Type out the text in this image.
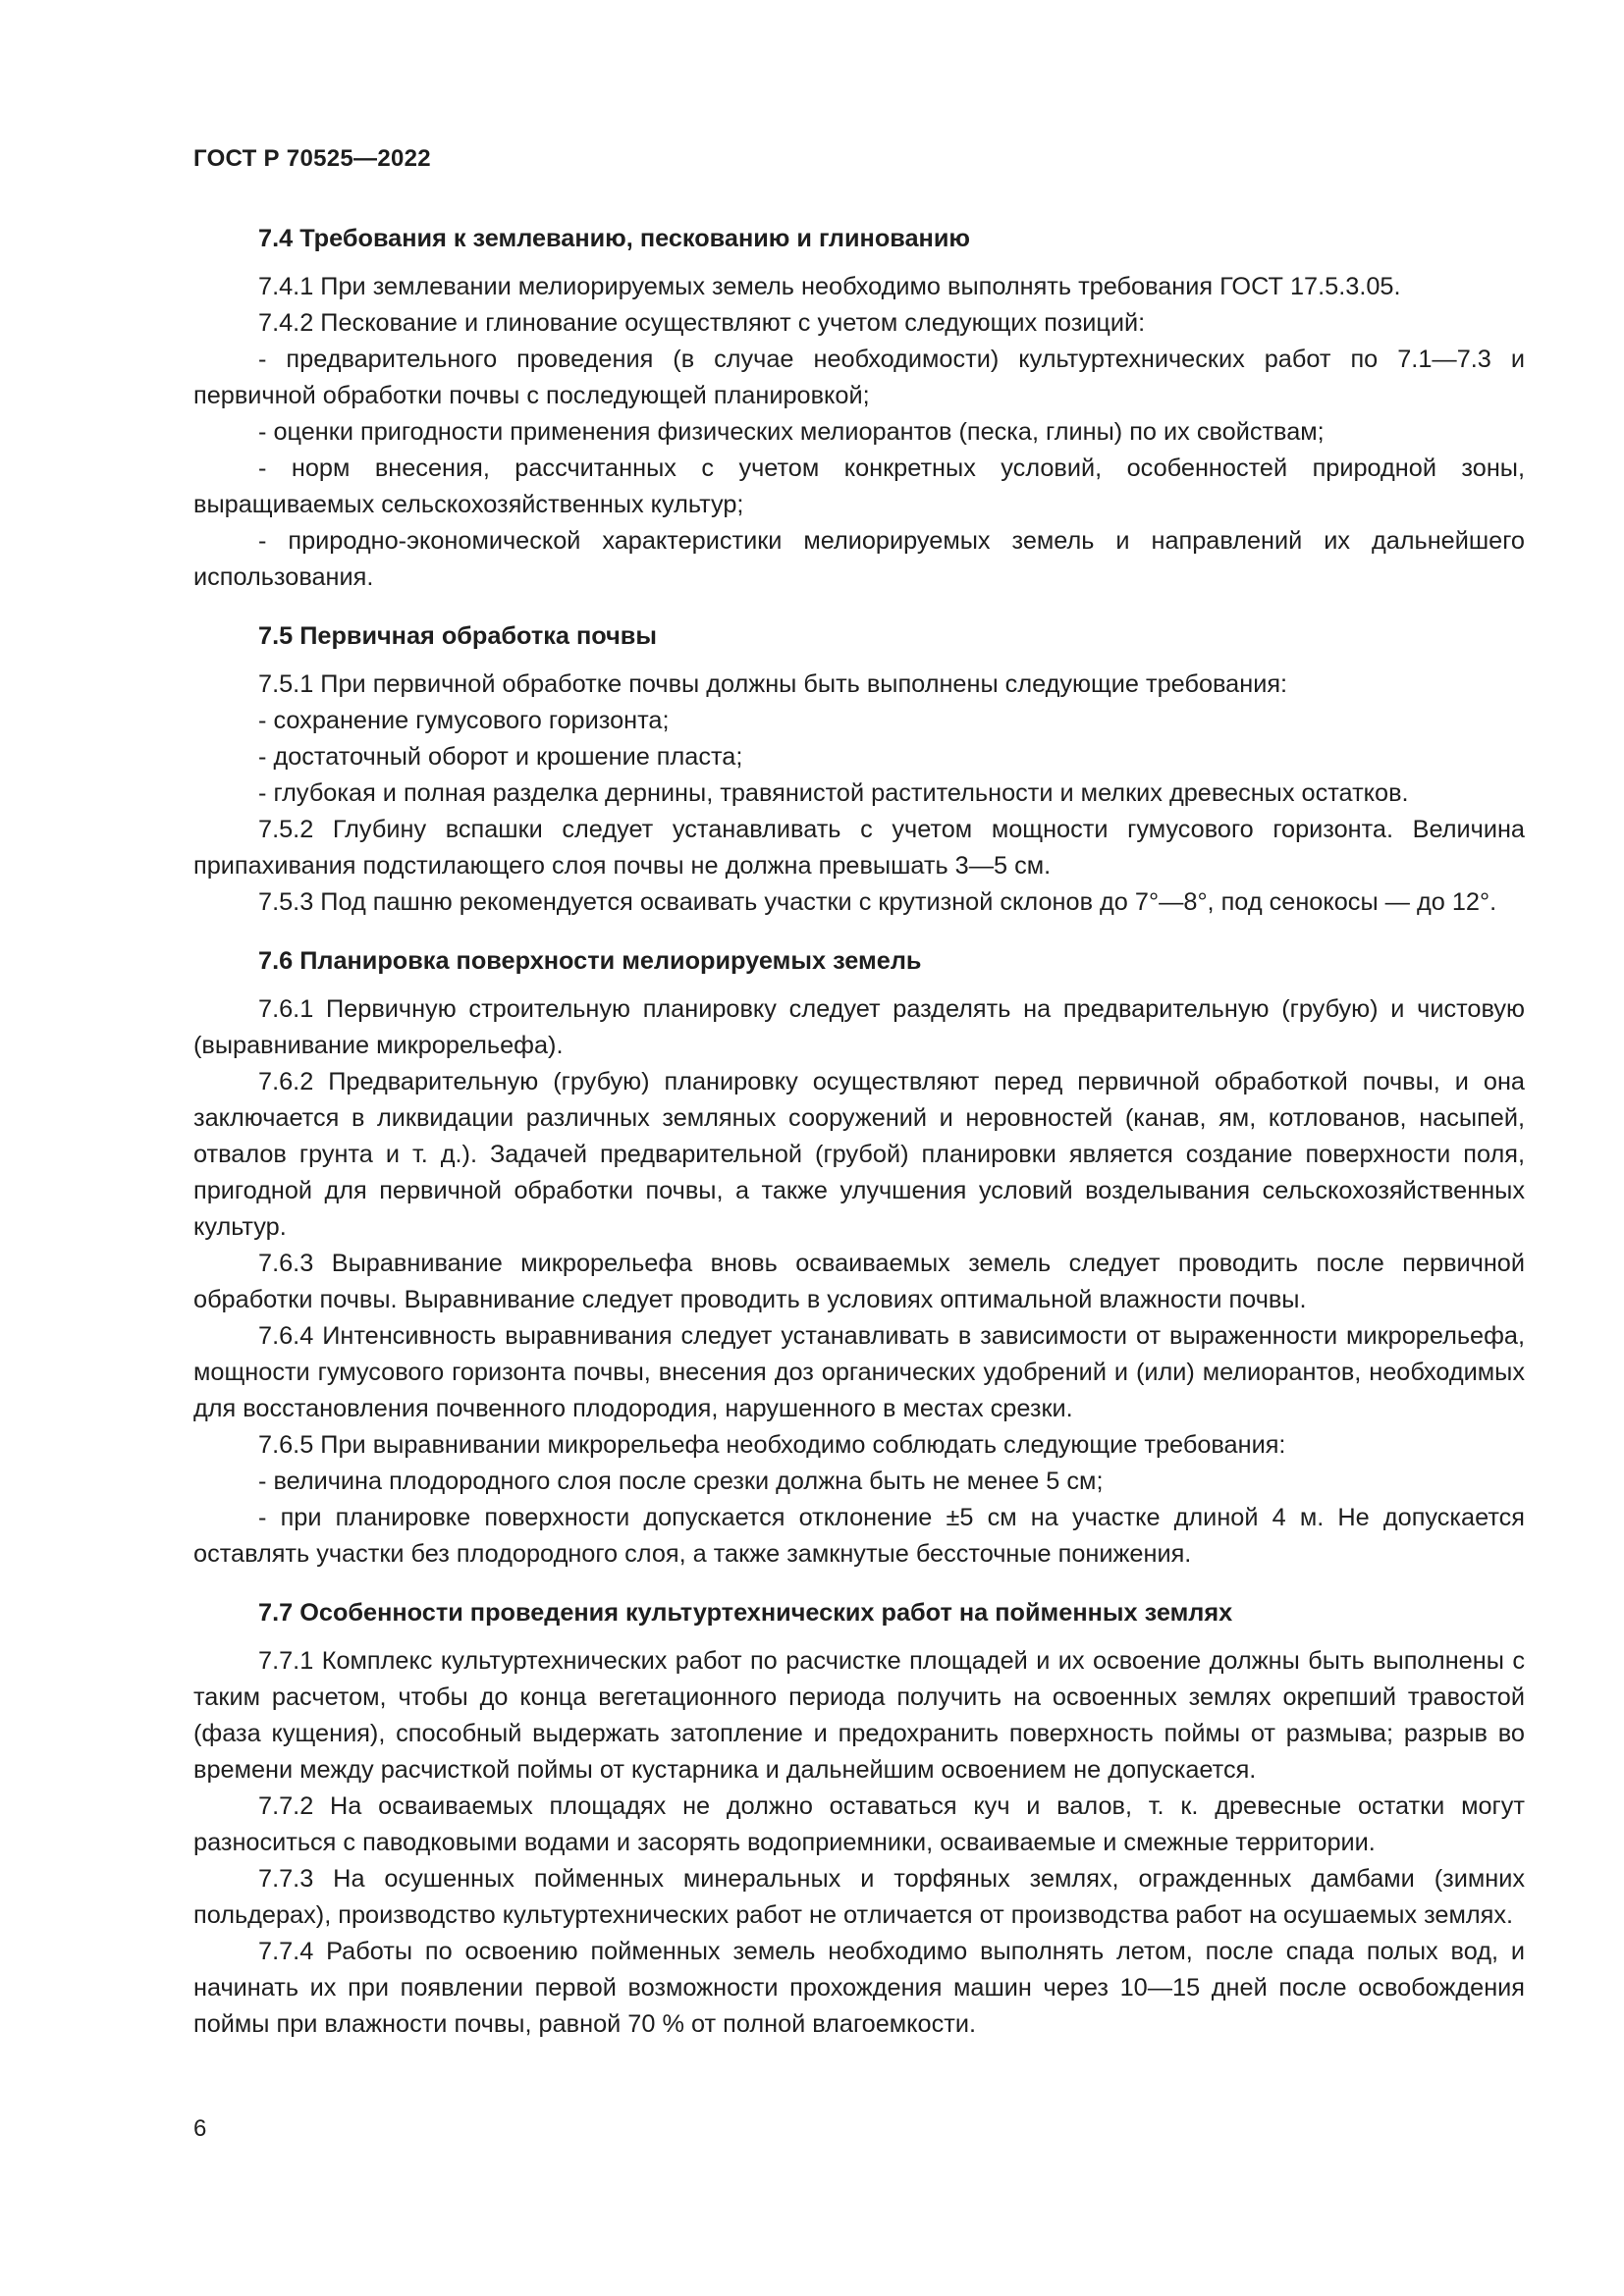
ГОСТ Р 70525—2022
7.4 Требования к землеванию, пескованию и глинованию

7.4.1 При землевании мелиорируемых земель необходимо выполнять требования ГОСТ 17.5.3.05.

7.4.2 Пескование и глинование осуществляют с учетом следующих позиций:

- предварительного проведения (в случае необходимости) культуртехнических работ по 7.1—7.3 и первичной обработки почвы с последующей планировкой;

- оценки пригодности применения физических мелиорантов (песка, глины) по их свойствам;

- норм внесения, рассчитанных с учетом конкретных условий, особенностей природной зоны, выращиваемых сельскохозяйственных культур;

- природно-экономической характеристики мелиорируемых земель и направлений их дальнейшего использования.

7.5 Первичная обработка почвы

7.5.1 При первичной обработке почвы должны быть выполнены следующие требования:

- сохранение гумусового горизонта;

- достаточный оборот и крошение пласта;

- глубокая и полная разделка дернины, травянистой растительности и мелких древесных остатков.

7.5.2 Глубину вспашки следует устанавливать с учетом мощности гумусового горизонта. Величина припахивания подстилающего слоя почвы не должна превышать 3—5 см.

7.5.3 Под пашню рекомендуется осваивать участки с крутизной склонов до 7°—8°, под сенокосы — до 12°.

7.6 Планировка поверхности мелиорируемых земель

7.6.1 Первичную строительную планировку следует разделять на предварительную (грубую) и чистовую (выравнивание микрорельефа).

7.6.2 Предварительную (грубую) планировку осуществляют перед первичной обработкой почвы, и она заключается в ликвидации различных земляных сооружений и неровностей (канав, ям, котлованов, насыпей, отвалов грунта и т. д.). Задачей предварительной (грубой) планировки является создание поверхности поля, пригодной для первичной обработки почвы, а также улучшения условий возделывания сельскохозяйственных культур.

7.6.3 Выравнивание микрорельефа вновь осваиваемых земель следует проводить после первичной обработки почвы. Выравнивание следует проводить в условиях оптимальной влажности почвы.

7.6.4 Интенсивность выравнивания следует устанавливать в зависимости от выраженности микрорельефа, мощности гумусового горизонта почвы, внесения доз органических удобрений и (или) мелиорантов, необходимых для восстановления почвенного плодородия, нарушенного в местах срезки.

7.6.5 При выравнивании микрорельефа необходимо соблюдать следующие требования:

- величина плодородного слоя после срезки должна быть не менее 5 см;

- при планировке поверхности допускается отклонение ±5 см на участке длиной 4 м. Не допускается оставлять участки без плодородного слоя, а также замкнутые бессточные понижения.

7.7 Особенности проведения культуртехнических работ на пойменных землях

7.7.1 Комплекс культуртехнических работ по расчистке площадей и их освоение должны быть выполнены с таким расчетом, чтобы до конца вегетационного периода получить на освоенных землях окрепший травостой (фаза кущения), способный выдержать затопление и предохранить поверхность поймы от размыва; разрыв во времени между расчисткой поймы от кустарника и дальнейшим освоением не допускается.

7.7.2 На осваиваемых площадях не должно оставаться куч и валов, т. к. древесные остатки могут разноситься с паводковыми водами и засорять водоприемники, осваиваемые и смежные территории.

7.7.3 На осушенных пойменных минеральных и торфяных землях, огражденных дамбами (зимних польдерах), производство культуртехнических работ не отличается от производства работ на осушаемых землях.

7.7.4 Работы по освоению пойменных земель необходимо выполнять летом, после спада полых вод, и начинать их при появлении первой возможности прохождения машин через 10—15 дней после освобождения поймы при влажности почвы, равной 70 % от полной влагоемкости.

6
